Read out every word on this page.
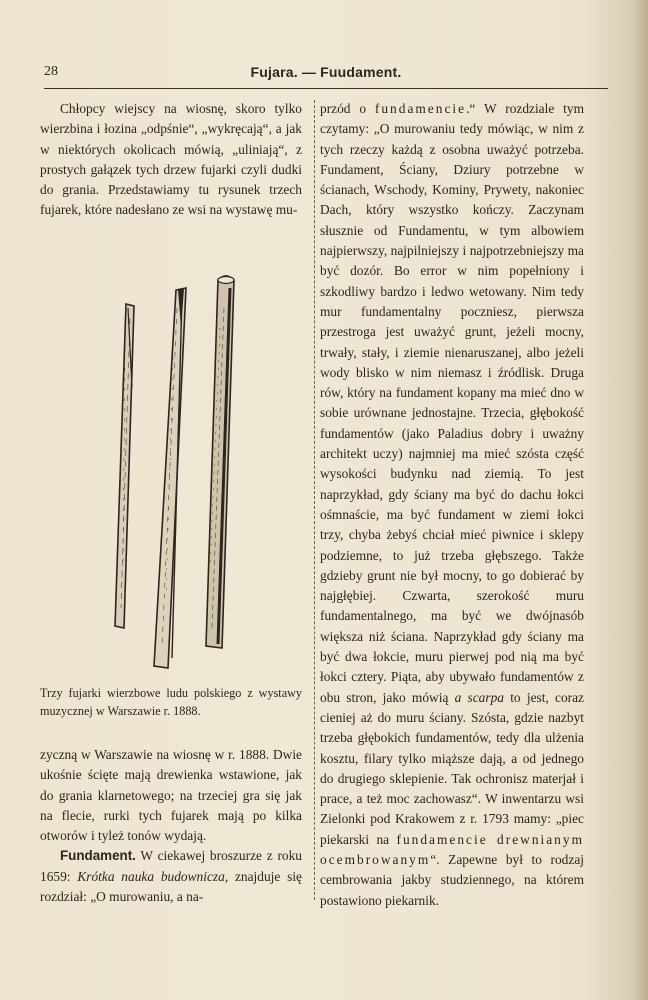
28	Fujara. — Fuudament.

Chłopcy wiejscy na wiosnę, skoro tylko wierzbina i łozina „odpśnie“, „wykręcają“, a jak w niektórych okolicach mówią, „uliniają“, z prostych gałązek tych drzew fujarki czyli dudki do grania. Przedstawiamy tu rysunek trzech fujarek, które nadesłano ze wsi na wystawę mu-

Trzy fujarki wierzbowe ludu polskiego z wystawy muzycznej w Warszawie r. 1888.

zyczną w Warszawie na wiosnę w r. 1888. Dwie ukośnie ścięte mają drewienka wstawione, jak do grania klarnetowego; na trzeciej gra się jak na flecie, rurki tych fujarek mają po kilka otworów i tyleż tonów wydają.

Fundament. W ciekawej broszurze z roku 1659: Krótka nauka budownicza, znajduje się rozdział: „O murowaniu, a na-

przód o fundamencie.“ W rozdziale tym czytamy: „O murowaniu tedy mówiąc, w nim z tych rzeczy każdą z osobna uważyć potrzeba. Fundament, Ściany, Dziury potrzebne w ścianach, Wschody, Kominy, Prywety, nakoniec Dach, który wszystko kończy. Zaczynam słusznie od Fundamentu, w tym albowiem najpierwszy, najpilniejszy i najpotrzebniejszy ma być dozór. Bo error w nim popełniony i szkodliwy bardzo i ledwo wetowany. Nim tedy mur fundamentalny poczniesz, pierwsza przestroga jest uważyć grunt, jeżeli mocny, trwały, stały, i ziemie nienaruszanej, albo jeżeli wody blisko w nim niemasz i źródlisk. Druga rów, który na fundament kopany ma mieć dno w sobie urównane jednostajne. Trzecia, głębokość fundamentów (jako Paladius dobry i uważny architekt uczy) najmniej ma mieć szósta część wysokości budynku nad ziemią. To jest naprzykład, gdy ściany ma być do dachu łokci ośmnaście, ma być fundament w ziemi łokci trzy, chyba żebyś chciał mieć piwnice i sklepy podziemne, to już trzeba głębszego. Także gdzieby grunt nie był mocny, to go dobierać by najgłębiej. Czwarta, szerokość muru fundamentalnego, ma być we dwójnasób większa niż ściana. Naprzykład gdy ściany ma być dwa łokcie, muru pierwej pod nią ma być łokci cztery. Piąta, aby ubywało fundamentów z obu stron, jako mówią a scarpa to jest, coraz cieniej aż do muru ściany. Szósta, gdzie nazbyt trzeba głębokich fundamentów, tedy dla ulżenia kosztu, filary tylko miąższe dają, a od jednego do drugiego sklepienie. Tak ochronisz materjał i prace, a też moc zachowasz“. W inwentarzu wsi Zielonki pod Krakowem z r. 1793 mamy: „piec piekarski na fundamencie drewnianym ocembrowanym“. Zapewne był to rodzaj cembrowania jakby studziennego, na którem postawiono piekarnik.
